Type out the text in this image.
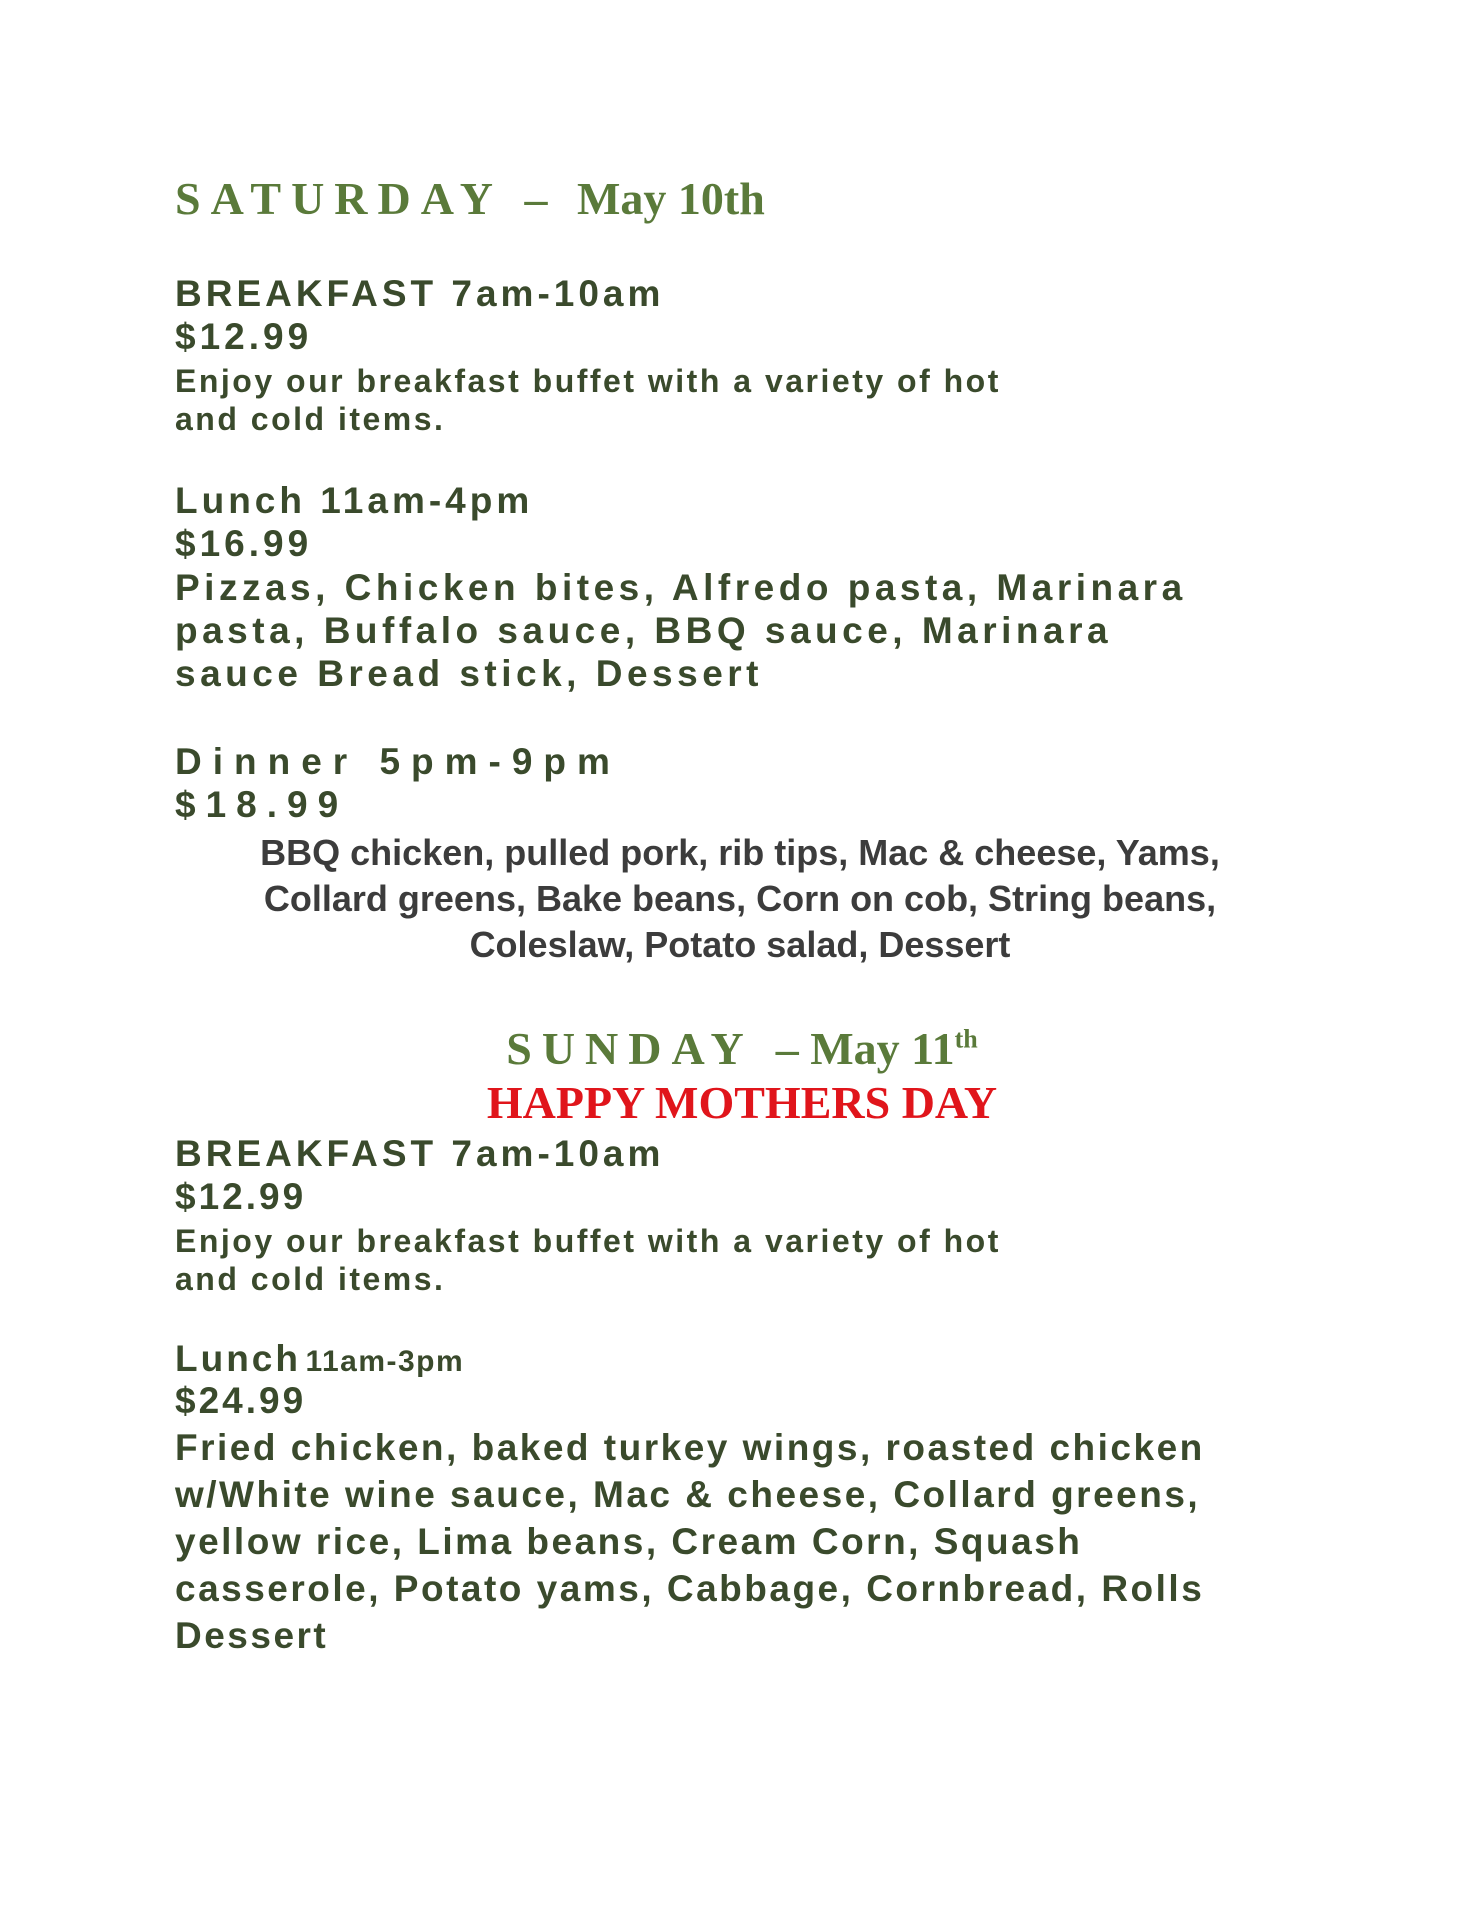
SATURDAY – May 10th
BREAKFAST 7am-10am
$12.99
Enjoy our breakfast buffet with a variety of hot
and cold items.
Lunch 11am-4pm
$16.99
Pizzas, Chicken bites, Alfredo pasta, Marinara
pasta, Buffalo sauce, BBQ sauce, Marinara
sauce Bread stick, Dessert
Dinner 5pm-9pm
$18.99
BBQ chicken, pulled pork, rib tips, Mac & cheese, Yams,
Collard greens, Bake beans, Corn on cob, String beans,
Coleslaw, Potato salad, Dessert
SUNDAY – May 11th
HAPPY MOTHERS DAY
BREAKFAST 7am-10am
$12.99
Enjoy our breakfast buffet with a variety of hot
and cold items.
Lunch 11am-3pm
$24.99
Fried chicken, baked turkey wings, roasted chicken
w/White wine sauce, Mac & cheese, Collard greens,
yellow rice, Lima beans, Cream Corn, Squash
casserole, Potato yams, Cabbage, Cornbread, Rolls
Dessert
